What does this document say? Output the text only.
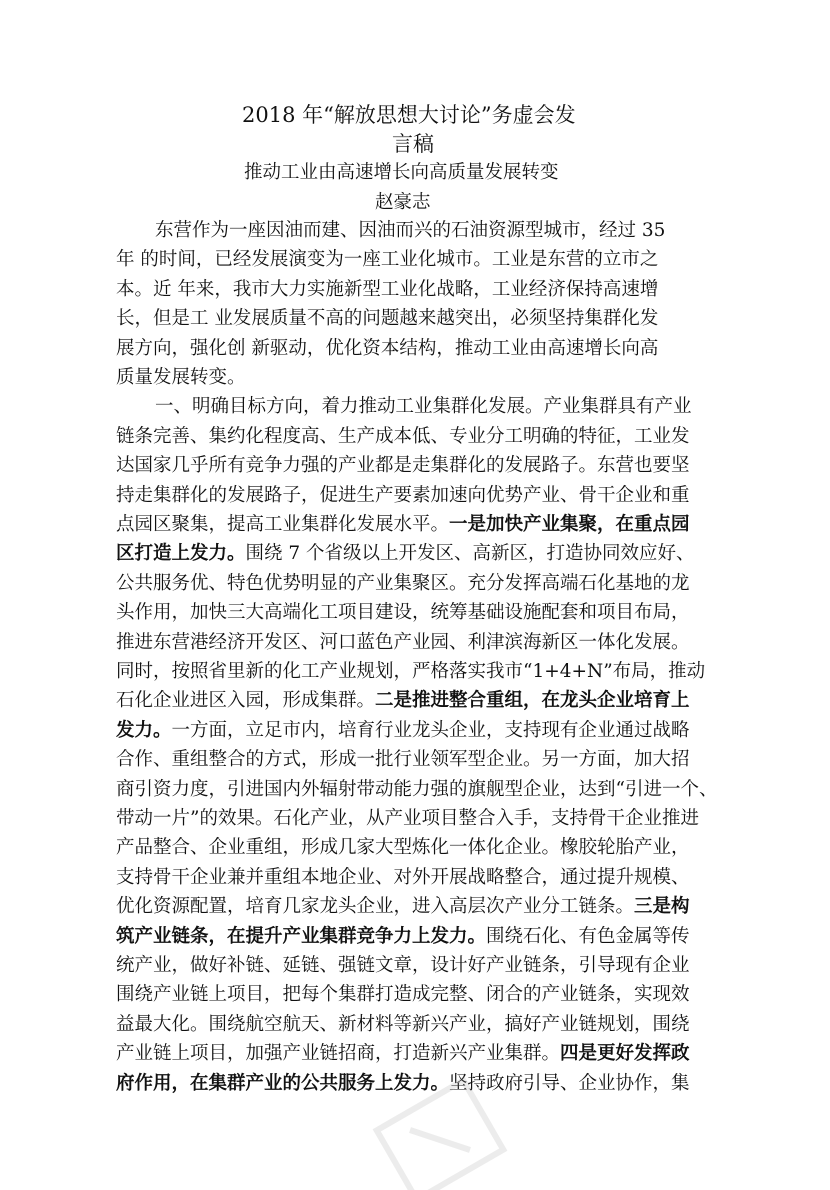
2018 年“解放思想大讨论”务虚会发
言稿
推动工业由高速增长向高质量发展转变
赵豪志
东营作为一座因油而建、因油而兴的石油资源型城市，经过 35
年 的时间，已经发展演变为一座工业化城市。工业是东营的立市之
本。近 年来，我市大力实施新型工业化战略，工业经济保持高速增
长，但是工 业发展质量不高的问题越来越突出，必须坚持集群化发
展方向，强化创 新驱动，优化资本结构，推动工业由高速增长向高
质量发展转变。
一、明确目标方向，着力推动工业集群化发展。产业集群具有产业
链条完善、集约化程度高、生产成本低、专业分工明确的特征，工业发
达国家几乎所有竞争力强的产业都是走集群化的发展路子。东营也要坚
持走集群化的发展路子，促进生产要素加速向优势产业、骨干企业和重
点园区聚集，提高工业集群化发展水平。一是加快产业集聚，在重点园
区打造上发力。围绕 7 个省级以上开发区、高新区，打造协同效应好、
公共服务优、特色优势明显的产业集聚区。充分发挥高端石化基地的龙
头作用，加快三大高端化工项目建设，统筹基础设施配套和项目布局，
推进东营港经济开发区、河口蓝色产业园、利津滨海新区一体化发展。
同时，按照省里新的化工产业规划，严格落实我市“1+4+N”布局，推动
石化企业进区入园，形成集群。二是推进整合重组，在龙头企业培育上
发力。一方面，立足市内，培育行业龙头企业，支持现有企业通过战略
合作、重组整合的方式，形成一批行业领军型企业。另一方面，加大招
商引资力度，引进国内外辐射带动能力强的旗舰型企业，达到“引进一个、
带动一片”的效果。石化产业，从产业项目整合入手，支持骨干企业推进
产品整合、企业重组，形成几家大型炼化一体化企业。橡胶轮胎产业，
支持骨干企业兼并重组本地企业、对外开展战略整合，通过提升规模、
优化资源配置，培育几家龙头企业，进入高层次产业分工链条。三是构
筑产业链条，在提升产业集群竞争力上发力。围绕石化、有色金属等传
统产业，做好补链、延链、强链文章，设计好产业链条，引导现有企业
围绕产业链上项目，把每个集群打造成完整、闭合的产业链条，实现效
益最大化。围绕航空航天、新材料等新兴产业，搞好产业链规划，围绕
产业链上项目，加强产业链招商，打造新兴产业集群。四是更好发挥政
府作用，在集群产业的公共服务上发力。坚持政府引导、企业协作，集
